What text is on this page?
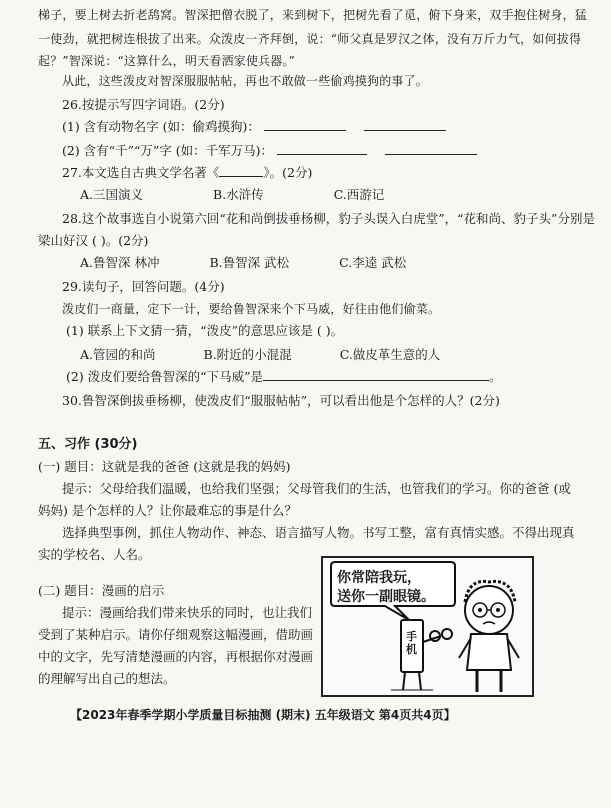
梯子，要上树去折老鸹窝。智深把僧衣脱了，来到树下，把树先看了觅，俯下身来，双手抱住树身，猛
一使劲，就把树连根拔了出来。众泼皮一齐拜倒，说：“师父真是罗汉之体，没有万斤力气，如何拔得
起？”智深说：“这算什么，明天看洒家使兵器。”
从此，这些泼皮对智深服服帖帖，再也不敢做一些偷鸡摸狗的事了。
26.按提示写四字词语。(2分)
(1) 含有动物名字 (如：偷鸡摸狗)：
(2) 含有“千”“万”字 (如：千军万马)：
27.本文选自古典文学名著《	》。(2分)
A.三国演义	B.水浒传	C.西游记
28.这个故事选自小说第六回“花和尚倒拔垂杨柳，豹子头误入白虎堂”，“花和尚、豹子头”分别是
梁山好汉 ( )。(2分)
A.鲁智深 林冲	B.鲁智深 武松	C.李逵 武松
29.读句子，回答问题。(4分)
泼皮们一商量，定下一计，要给鲁智深来个下马威，好往由他们偷菜。
(1) 联系上下文猜一猜，“泼皮”的意思应该是 ( )。
A.管园的和尚	B.附近的小混混	C.做皮革生意的人
(2) 泼皮们要给鲁智深的“下马威”是	。
30.鲁智深倒拔垂杨柳，使泼皮们“服服帖帖”，可以看出他是个怎样的人？(2分)
五、习作 (30分)
(一) 题目：这就是我的爸爸 (这就是我的妈妈)
提示：父母给我们温暖，也给我们坚强；父母管我们的生活，也管我们的学习。你的爸爸 (或
妈妈) 是个怎样的人？让你最难忘的事是什么？
选择典型事例，抓住人物动作、神态、语言描写人物。书写工整，富有真情实感。不得出现真
实的学校名、人名。
(二) 题目：漫画的启示
提示：漫画给我们带来快乐的同时，也让我们
受到了某种启示。请你仔细观察这幅漫画，借助画
中的文字，先写清楚漫画的内容，再根据你对漫画
的理解写出自己的想法。
你常陪我玩，
送你一副眼镜。
手机
【2023年春季学期小学质量目标抽测 (期末) 五年级语文 第4页共4页】
